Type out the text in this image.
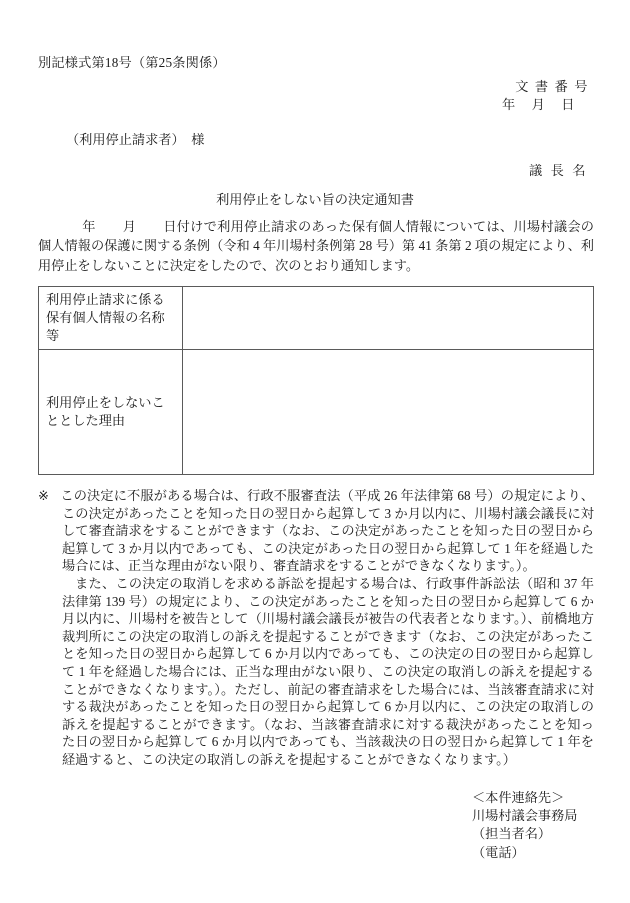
別記様式第18号（第25条関係）
文書番号
年月日
（利用停止請求者）　様
議長名
利用停止をしない旨の決定通知書
年　　月　　日付けで利用停止請求のあった保有個人情報については、川場村議会の個人情報の保護に関する条例（令和 4 年川場村条例第 28 号）第 41 条第 2 項の規定により、利用停止をしないことに決定をしたので、次のとおり通知します。
利用停止請求に係る保有個人情報の名称等	
利用停止をしないこととした理由	

※ この決定に不服がある場合は、行政不服審査法（平成 26 年法律第 68 号）の規定により、この決定があったことを知った日の翌日から起算して 3 か月以内に、川場村議会議長に対して審査請求をすることができます（なお、この決定があったことを知った日の翌日から起算して 3 か月以内であっても、この決定があった日の翌日から起算して 1 年を経過した場合には、正当な理由がない限り、審査請求をすることができなくなります。）。

また、この決定の取消しを求める訴訟を提起する場合は、行政事件訴訟法（昭和 37 年法律第 139 号）の規定により、この決定があったことを知った日の翌日から起算して 6 か月以内に、川場村を被告として（川場村議会議長が被告の代表者となります。）、前橋地方裁判所にこの決定の取消しの訴えを提起することができます（なお、この決定があったことを知った日の翌日から起算して 6 か月以内であっても、この決定の日の翌日から起算して 1 年を経過した場合には、正当な理由がない限り、この決定の取消しの訴えを提起することができなくなります。）。ただし、前記の審査請求をした場合には、当該審査請求に対する裁決があったことを知った日の翌日から起算して 6 か月以内に、この決定の取消しの訴えを提起することができます。（なお、当該審査請求に対する裁決があったことを知った日の翌日から起算して 6 か月以内であっても、当該裁決の日の翌日から起算して 1 年を経過すると、この決定の取消しの訴えを提起することができなくなります。）

＜本件連絡先＞
川場村議会事務局
（担当者名）
（電話）
